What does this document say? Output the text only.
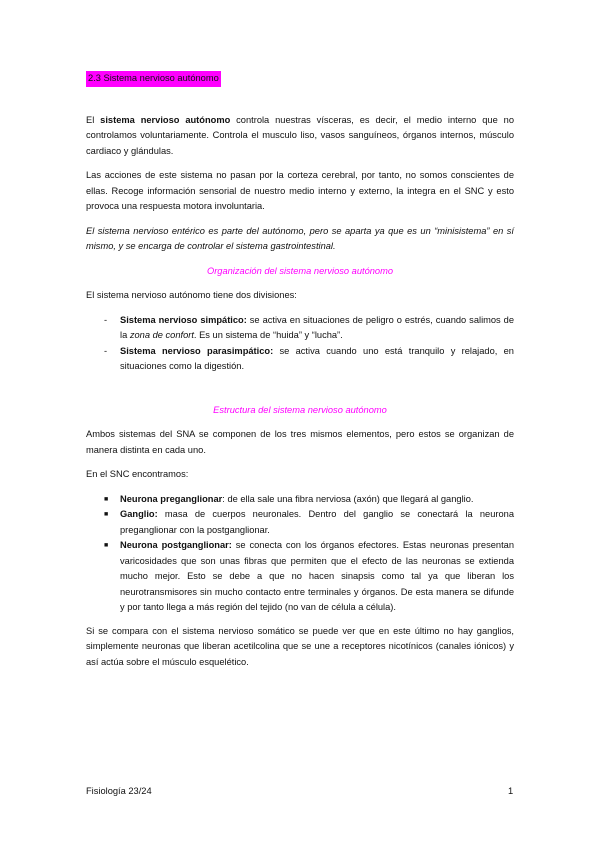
2.3 Sistema nervioso autónomo

El sistema nervioso autónomo controla nuestras vísceras, es decir, el medio interno que no controlamos voluntariamente. Controla el musculo liso, vasos sanguíneos, órganos internos, músculo cardiaco y glándulas.

Las acciones de este sistema no pasan por la corteza cerebral, por tanto, no somos conscientes de ellas. Recoge información sensorial de nuestro medio interno y externo, la integra en el SNC y esto provoca una respuesta motora involuntaria.

El sistema nervioso entérico es parte del autónomo, pero se aparta ya que es un “minisistema” en sí mismo, y se encarga de controlar el sistema gastrointestinal.

Organización del sistema nervioso autónomo

El sistema nervioso autónomo tiene dos divisiones:

- Sistema nervioso simpático: se activa en situaciones de peligro o estrés, cuando salimos de la zona de confort. Es un sistema de “huida” y “lucha”.
- Sistema nervioso parasimpático: se activa cuando uno está tranquilo y relajado, en situaciones como la digestión.
Estructura del sistema nervioso autónomo

Ambos sistemas del SNA se componen de los tres mismos elementos, pero estos se organizan de manera distinta en cada uno.

En el SNC encontramos:

■ Neurona preganglionar: de ella sale una fibra nerviosa (axón) que llegará al ganglio.
■ Ganglio: masa de cuerpos neuronales. Dentro del ganglio se conectará la neurona preganglionar con la postganglionar.
■ Neurona postganglionar: se conecta con los órganos efectores. Estas neuronas presentan varicosidades que son unas fibras que permiten que el efecto de las neuronas se extienda mucho mejor. Esto se debe a que no hacen sinapsis como tal ya que liberan los neurotransmisores sin mucho contacto entre terminales y órganos. De esta manera se difunde y por tanto llega a más región del tejido (no van de célula a célula).

Si se compara con el sistema nervioso somático se puede ver que en este último no hay ganglios, simplemente neuronas que liberan acetilcolina que se une a receptores nicotínicos (canales iónicos) y así actúa sobre el músculo esquelético.

Fisiología 23/24	1
